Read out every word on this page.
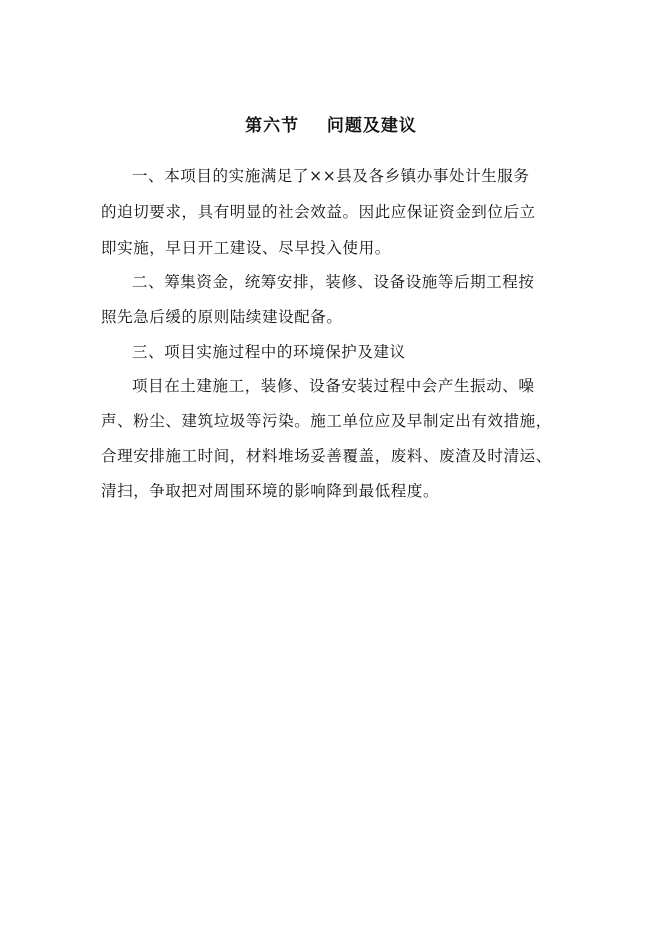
第六节    问题及建议
一、本项目的实施满足了××县及各乡镇办事处计生服务
的迫切要求，具有明显的社会效益。因此应保证资金到位后立
即实施，早日开工建设、尽早投入使用。
二、筹集资金，统筹安排，装修、设备设施等后期工程按
照先急后缓的原则陆续建设配备。
三、项目实施过程中的环境保护及建议
项目在土建施工，装修、设备安装过程中会产生振动、噪
声、粉尘、建筑垃圾等污染。施工单位应及早制定出有效措施，
合理安排施工时间，材料堆场妥善覆盖，废料、废渣及时清运、
清扫，争取把对周围环境的影响降到最低程度。
